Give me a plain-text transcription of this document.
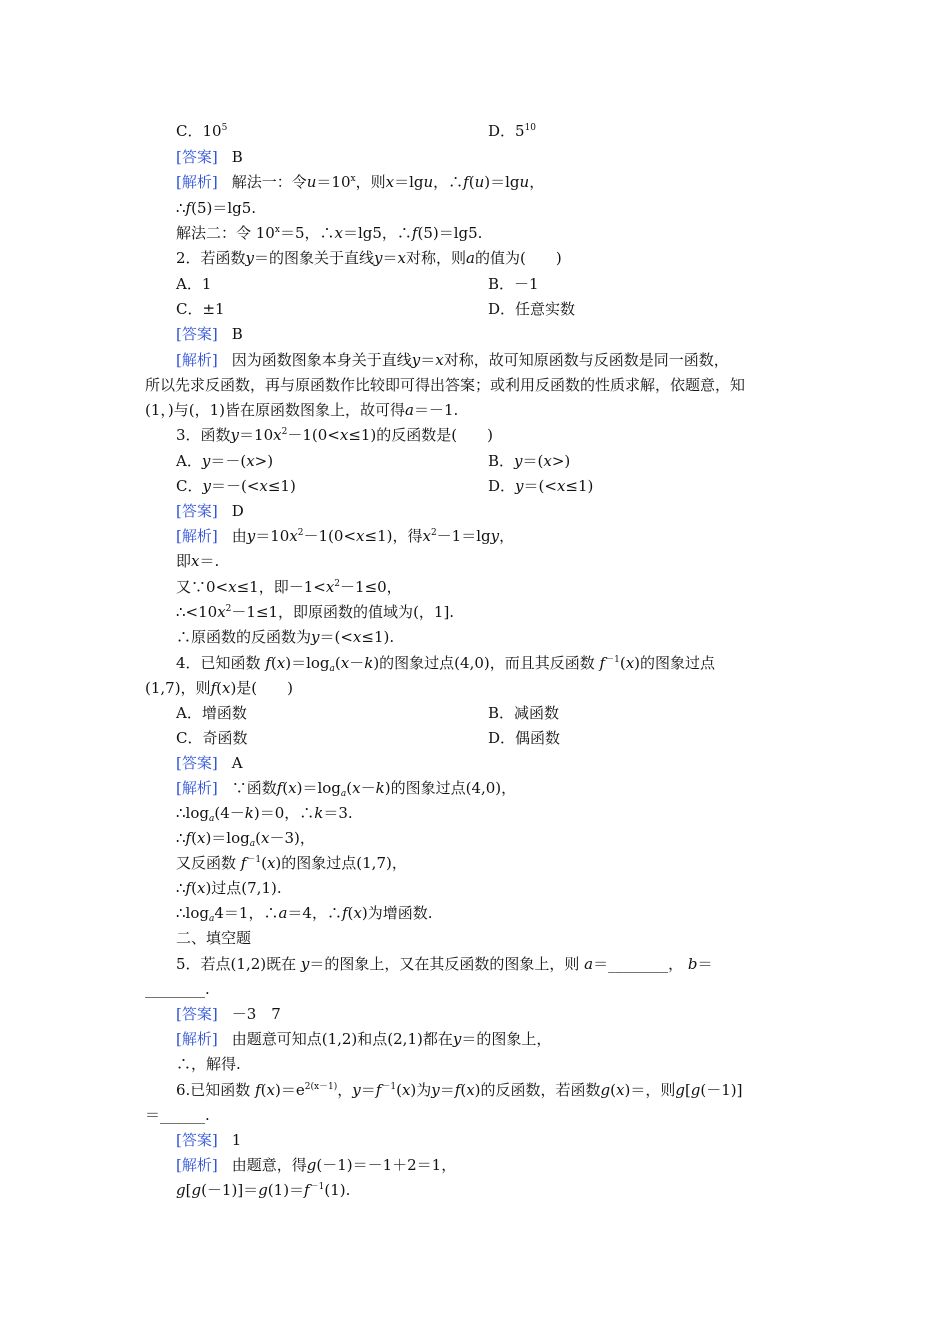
C．$10^5$	D．$5^{10}$
[答案] B
[解析] 解法一：令$u=10^x$，则x＝lgu，∴f(u)＝lgu，
∴f(5)＝lg5.
解法二：令 $10^x=5$，∴x＝lg5，∴f(5)＝lg5.
2．若函数y＝的图象关于直线y＝x对称，则a的值为(　　)
A．1	B．－1
C．±1	D．任意实数
[答案] B
[解析] 因为函数图象本身关于直线y＝x对称，故可知原函数与反函数是同一函数，
所以先求反函数，再与原函数作比较即可得出答案；或利用反函数的性质求解，依题意，知
(1，)与(，1)皆在原函数图象上，故可得a＝－1.
3．函数$y=10x^2-1(0<x\le 1)$的反函数是(　　)
A．y＝－(x>)	B．y＝(x>)
C．y＝－(<x≤1)	D．y＝(<x≤1)
[答案] D
[解析] 由$y=10x^2-1(0<x\le 1)$，得$x^2-1=\lg y$，
即x＝.
又∵0<x≤1，即$-1<x^2-1\le 0$，
$\therefore<10x^2-1\le 1$，即原函数的值域为(，1].
∴原函数的反函数为y＝(<x≤1).
4．已知函数 $f(x)=\log_a(x-k)$的图象过点(4,0)，而且其反函数 $f^{-1}(x)$的图象过点
(1,7)，则f(x)是(　　)
A．增函数	B．减函数
C．奇函数	D．偶函数
[答案] A
[解析] ∵函数$f(x)=\log_a(x-k)$的图象过点(4,0)，
$\therefore\log_a(4-k)=0$，∴k＝3.
$\therefore f(x)=\log_a(x-3)$，
又反函数 $f^{-1}(x)$的图象过点(1,7)，
∴f(x)过点(7,1).
$\therefore\log_a4=1$，∴a＝4，∴f(x)为增函数.
二、填空题
5．若点(1,2)既在 y＝的图象上，又在其反函数的图象上，则 a＝________， b＝
________.
[答案] －3　7
[解析] 由题意可知点(1,2)和点(2,1)都在y＝的图象上，
∴，解得.
6.已知函数 $f(x)=e^{2(x-1)}$，$y=f^{-1}(x)$为y＝f(x)的反函数，若函数g(x)＝，则g[g(－1)]
＝______.
[答案] 1
[解析] 由题意，得g(－1)＝－1＋2＝1，
$g[g(-1)]=g(1)=f^{-1}(1)$.
